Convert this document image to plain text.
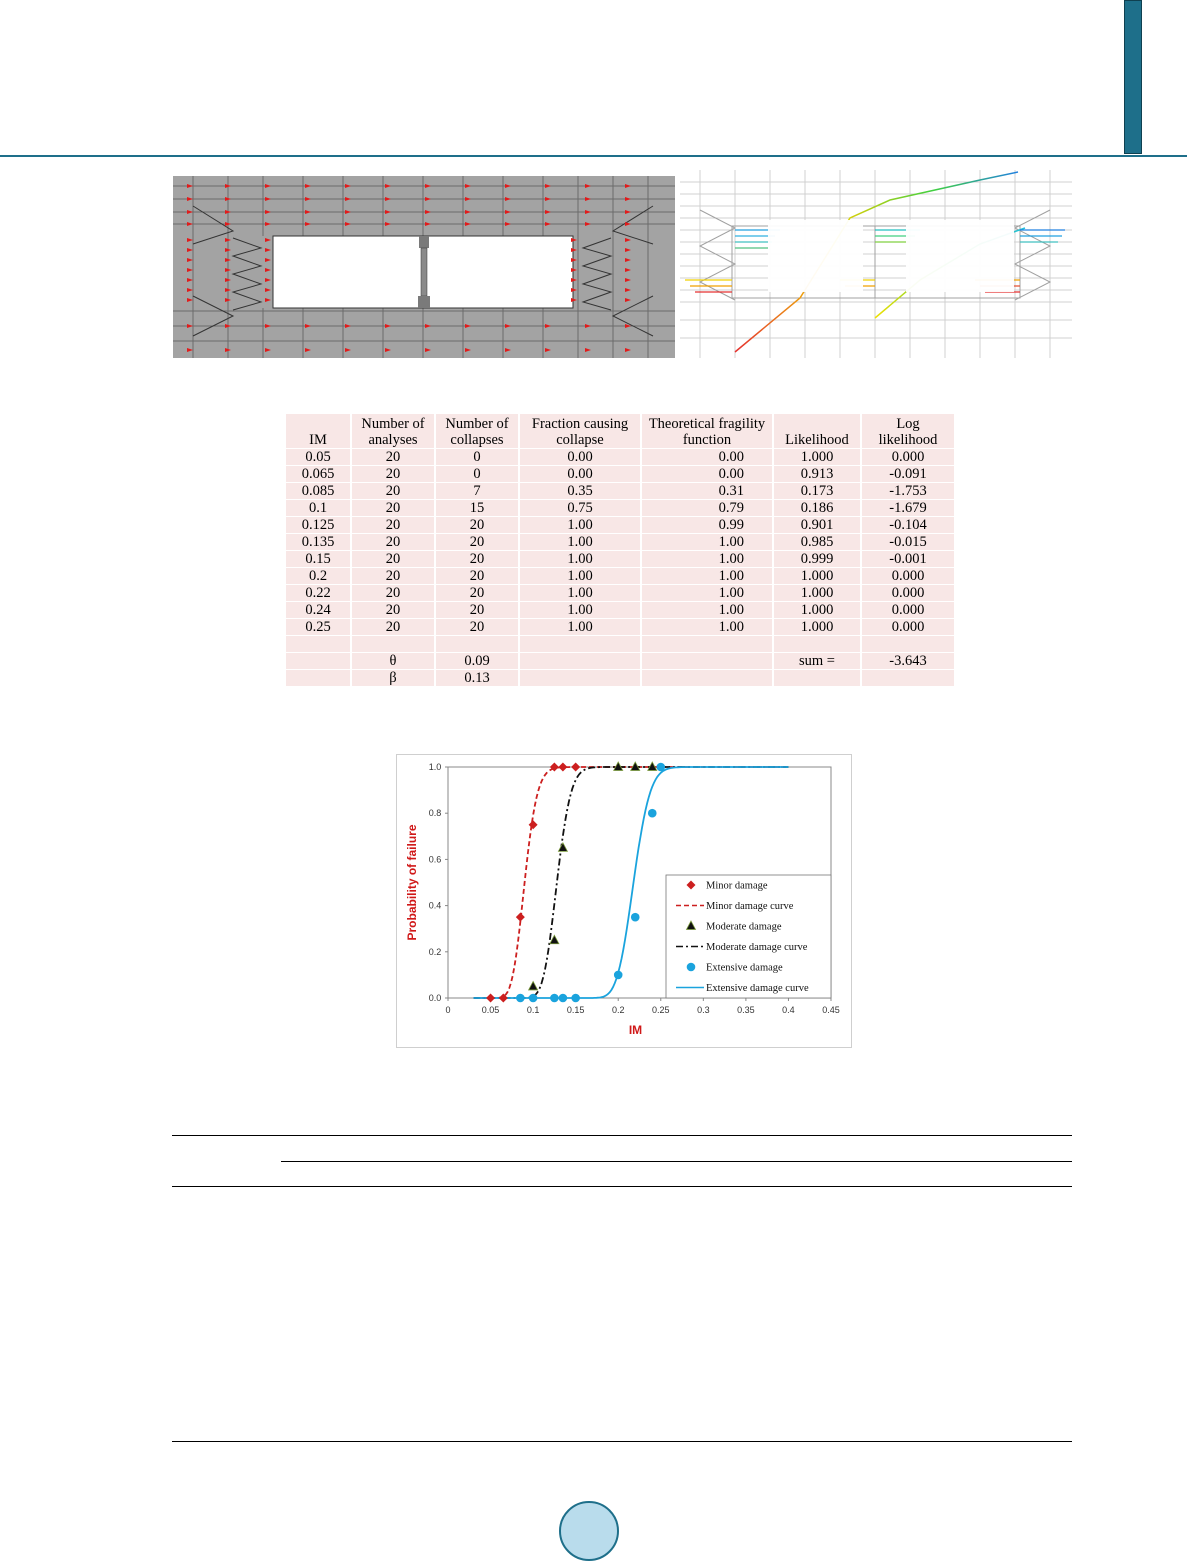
IM	Number of analyses	Number of collapses	Fraction causing collapse	Theoretical fragility function	Likelihood	Log likelihood
0.05	20	0	0.00	0.00	1.000	0.000
0.065	20	0	0.00	0.00	0.913	-0.091
0.085	20	7	0.35	0.31	0.173	-1.753
0.1	20	15	0.75	0.79	0.186	-1.679
0.125	20	20	1.00	0.99	0.901	-0.104
0.135	20	20	1.00	1.00	0.985	-0.015
0.15	20	20	1.00	1.00	0.999	-0.001
0.2	20	20	1.00	1.00	1.000	0.000
0.22	20	20	1.00	1.00	1.000	0.000
0.24	20	20	1.00	1.00	1.000	0.000
0.25	20	20	1.00	1.00	1.000	0.000

	θ	0.09			sum =	-3.643
	β	0.13				
0	0.05	0.1	0.15	0.2	0.25	0.3	0.35	0.4	0.45
0.0
0.2
0.4
0.6
0.8
1.0
IM
Probability of failure	Minor damage
Minor damage curve
Moderate damage
Moderate damage curve
Extensive damage
Extensive damage curve
